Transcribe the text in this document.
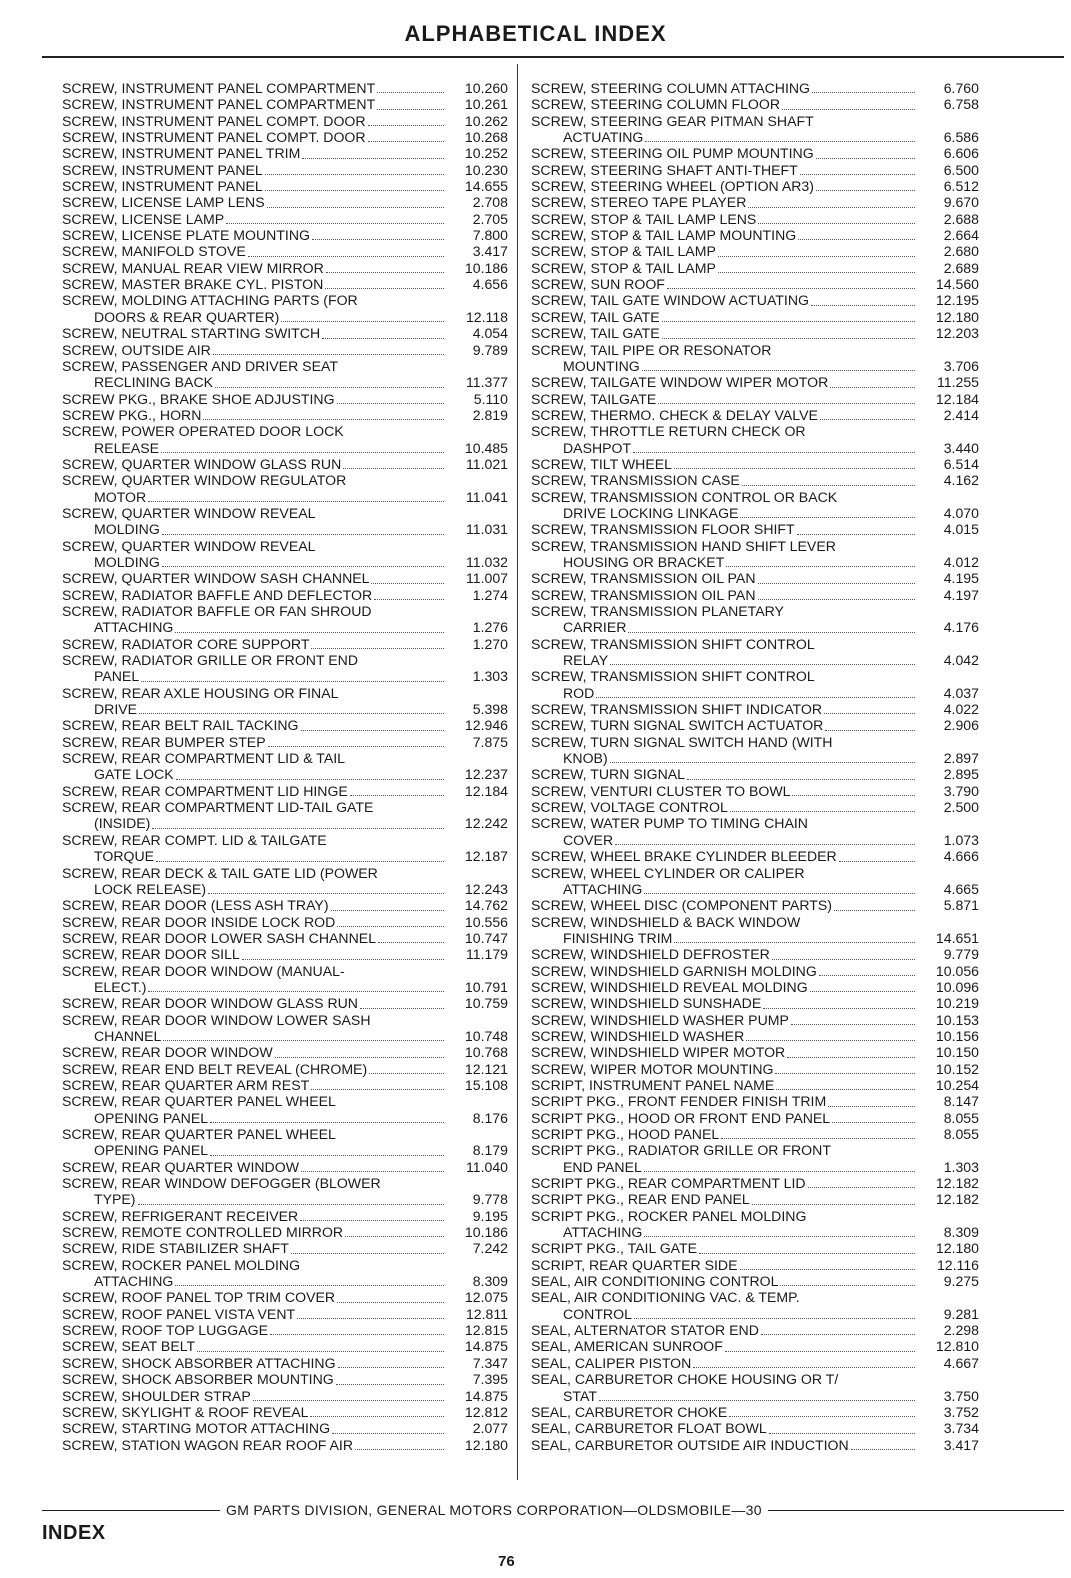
ALPHABETICAL INDEX
SCREW, INSTRUMENT PANEL COMPARTMENT	10.260
SCREW, INSTRUMENT PANEL COMPARTMENT	10.261
SCREW, INSTRUMENT PANEL COMPT. DOOR	10.262
SCREW, INSTRUMENT PANEL COMPT. DOOR	10.268
SCREW, INSTRUMENT PANEL TRIM	10.252
SCREW, INSTRUMENT PANEL	10.230
SCREW, INSTRUMENT PANEL	14.655
SCREW, LICENSE LAMP LENS	2.708
SCREW, LICENSE LAMP	2.705
SCREW, LICENSE PLATE MOUNTING	7.800
SCREW, MANIFOLD STOVE	3.417
SCREW, MANUAL REAR VIEW MIRROR	10.186
SCREW, MASTER BRAKE CYL. PISTON	4.656
SCREW, MOLDING ATTACHING PARTS (FOR
DOORS & REAR QUARTER)	12.118
SCREW, NEUTRAL STARTING SWITCH	4.054
SCREW, OUTSIDE AIR	9.789
SCREW, PASSENGER AND DRIVER SEAT
RECLINING BACK	11.377
SCREW PKG., BRAKE SHOE ADJUSTING	5.110
SCREW PKG., HORN	2.819
SCREW, POWER OPERATED DOOR LOCK
RELEASE	10.485
SCREW, QUARTER WINDOW GLASS RUN	11.021
SCREW, QUARTER WINDOW REGULATOR
MOTOR	11.041
SCREW, QUARTER WINDOW REVEAL
MOLDING	11.031
SCREW, QUARTER WINDOW REVEAL
MOLDING	11.032
SCREW, QUARTER WINDOW SASH CHANNEL	11.007
SCREW, RADIATOR BAFFLE AND DEFLECTOR	1.274
SCREW, RADIATOR BAFFLE OR FAN SHROUD
ATTACHING	1.276
SCREW, RADIATOR CORE SUPPORT	1.270
SCREW, RADIATOR GRILLE OR FRONT END
PANEL	1.303
SCREW, REAR AXLE HOUSING OR FINAL
DRIVE	5.398
SCREW, REAR BELT RAIL TACKING	12.946
SCREW, REAR BUMPER STEP	7.875
SCREW, REAR COMPARTMENT LID & TAIL
GATE LOCK	12.237
SCREW, REAR COMPARTMENT LID HINGE	12.184
SCREW, REAR COMPARTMENT LID-TAIL GATE
(INSIDE)	12.242
SCREW, REAR COMPT. LID & TAILGATE
TORQUE	12.187
SCREW, REAR DECK & TAIL GATE LID (POWER
LOCK RELEASE)	12.243
SCREW, REAR DOOR (LESS ASH TRAY)	14.762
SCREW, REAR DOOR INSIDE LOCK ROD	10.556
SCREW, REAR DOOR LOWER SASH CHANNEL	10.747
SCREW, REAR DOOR SILL	11.179
SCREW, REAR DOOR WINDOW (MANUAL-
ELECT.)	10.791
SCREW, REAR DOOR WINDOW GLASS RUN	10.759
SCREW, REAR DOOR WINDOW LOWER SASH
CHANNEL	10.748
SCREW, REAR DOOR WINDOW	10.768
SCREW, REAR END BELT REVEAL (CHROME)	12.121
SCREW, REAR QUARTER ARM REST	15.108
SCREW, REAR QUARTER PANEL WHEEL
OPENING PANEL	8.176
SCREW, REAR QUARTER PANEL WHEEL
OPENING PANEL	8.179
SCREW, REAR QUARTER WINDOW	11.040
SCREW, REAR WINDOW DEFOGGER (BLOWER
TYPE)	9.778
SCREW, REFRIGERANT RECEIVER	9.195
SCREW, REMOTE CONTROLLED MIRROR	10.186
SCREW, RIDE STABILIZER SHAFT	7.242
SCREW, ROCKER PANEL MOLDING
ATTACHING	8.309
SCREW, ROOF PANEL TOP TRIM COVER	12.075
SCREW, ROOF PANEL VISTA VENT	12.811
SCREW, ROOF TOP LUGGAGE	12.815
SCREW, SEAT BELT	14.875
SCREW, SHOCK ABSORBER ATTACHING	7.347
SCREW, SHOCK ABSORBER MOUNTING	7.395
SCREW, SHOULDER STRAP	14.875
SCREW, SKYLIGHT & ROOF REVEAL	12.812
SCREW, STARTING MOTOR ATTACHING	2.077
SCREW, STATION WAGON REAR ROOF AIR	12.180
SCREW, STEERING COLUMN ATTACHING	6.760
SCREW, STEERING COLUMN FLOOR	6.758
SCREW, STEERING GEAR PITMAN SHAFT
ACTUATING	6.586
SCREW, STEERING OIL PUMP MOUNTING	6.606
SCREW, STEERING SHAFT ANTI-THEFT	6.500
SCREW, STEERING WHEEL (OPTION AR3)	6.512
SCREW, STEREO TAPE PLAYER	9.670
SCREW, STOP & TAIL LAMP LENS	2.688
SCREW, STOP & TAIL LAMP MOUNTING	2.664
SCREW, STOP & TAIL LAMP	2.680
SCREW, STOP & TAIL LAMP	2.689
SCREW, SUN ROOF	14.560
SCREW, TAIL GATE WINDOW ACTUATING	12.195
SCREW, TAIL GATE	12.180
SCREW, TAIL GATE	12.203
SCREW, TAIL PIPE OR RESONATOR
MOUNTING	3.706
SCREW, TAILGATE WINDOW WIPER MOTOR	11.255
SCREW, TAILGATE	12.184
SCREW, THERMO. CHECK & DELAY VALVE	2.414
SCREW, THROTTLE RETURN CHECK OR
DASHPOT	3.440
SCREW, TILT WHEEL	6.514
SCREW, TRANSMISSION CASE	4.162
SCREW, TRANSMISSION CONTROL OR BACK
DRIVE LOCKING LINKAGE	4.070
SCREW, TRANSMISSION FLOOR SHIFT	4.015
SCREW, TRANSMISSION HAND SHIFT LEVER
HOUSING OR BRACKET	4.012
SCREW, TRANSMISSION OIL PAN	4.195
SCREW, TRANSMISSION OIL PAN	4.197
SCREW, TRANSMISSION PLANETARY
CARRIER	4.176
SCREW, TRANSMISSION SHIFT CONTROL
RELAY	4.042
SCREW, TRANSMISSION SHIFT CONTROL
ROD	4.037
SCREW, TRANSMISSION SHIFT INDICATOR	4.022
SCREW, TURN SIGNAL SWITCH ACTUATOR	2.906
SCREW, TURN SIGNAL SWITCH HAND (WITH
KNOB)	2.897
SCREW, TURN SIGNAL	2.895
SCREW, VENTURI CLUSTER TO BOWL	3.790
SCREW, VOLTAGE CONTROL	2.500
SCREW, WATER PUMP TO TIMING CHAIN
COVER	1.073
SCREW, WHEEL BRAKE CYLINDER BLEEDER	4.666
SCREW, WHEEL CYLINDER OR CALIPER
ATTACHING	4.665
SCREW, WHEEL DISC (COMPONENT PARTS)	5.871
SCREW, WINDSHIELD & BACK WINDOW
FINISHING TRIM	14.651
SCREW, WINDSHIELD DEFROSTER	9.779
SCREW, WINDSHIELD GARNISH MOLDING	10.056
SCREW, WINDSHIELD REVEAL MOLDING	10.096
SCREW, WINDSHIELD SUNSHADE	10.219
SCREW, WINDSHIELD WASHER PUMP	10.153
SCREW, WINDSHIELD WASHER	10.156
SCREW, WINDSHIELD WIPER MOTOR	10.150
SCREW, WIPER MOTOR MOUNTING	10.152
SCRIPT, INSTRUMENT PANEL NAME	10.254
SCRIPT PKG., FRONT FENDER FINISH TRIM	8.147
SCRIPT PKG., HOOD OR FRONT END PANEL	8.055
SCRIPT PKG., HOOD PANEL	8.055
SCRIPT PKG., RADIATOR GRILLE OR FRONT
END PANEL	1.303
SCRIPT PKG., REAR COMPARTMENT LID	12.182
SCRIPT PKG., REAR END PANEL	12.182
SCRIPT PKG., ROCKER PANEL MOLDING
ATTACHING	8.309
SCRIPT PKG., TAIL GATE	12.180
SCRIPT, REAR QUARTER SIDE	12.116
SEAL, AIR CONDITIONING CONTROL	9.275
SEAL, AIR CONDITIONING VAC. & TEMP.
CONTROL	9.281
SEAL, ALTERNATOR STATOR END	2.298
SEAL, AMERICAN SUNROOF	12.810
SEAL, CALIPER PISTON	4.667
SEAL, CARBURETOR CHOKE HOUSING OR T/
STAT	3.750
SEAL, CARBURETOR CHOKE	3.752
SEAL, CARBURETOR FLOAT BOWL	3.734
SEAL, CARBURETOR OUTSIDE AIR INDUCTION	3.417
GM PARTS DIVISION, GENERAL MOTORS CORPORATION—OLDSMOBILE—30
INDEX
76
